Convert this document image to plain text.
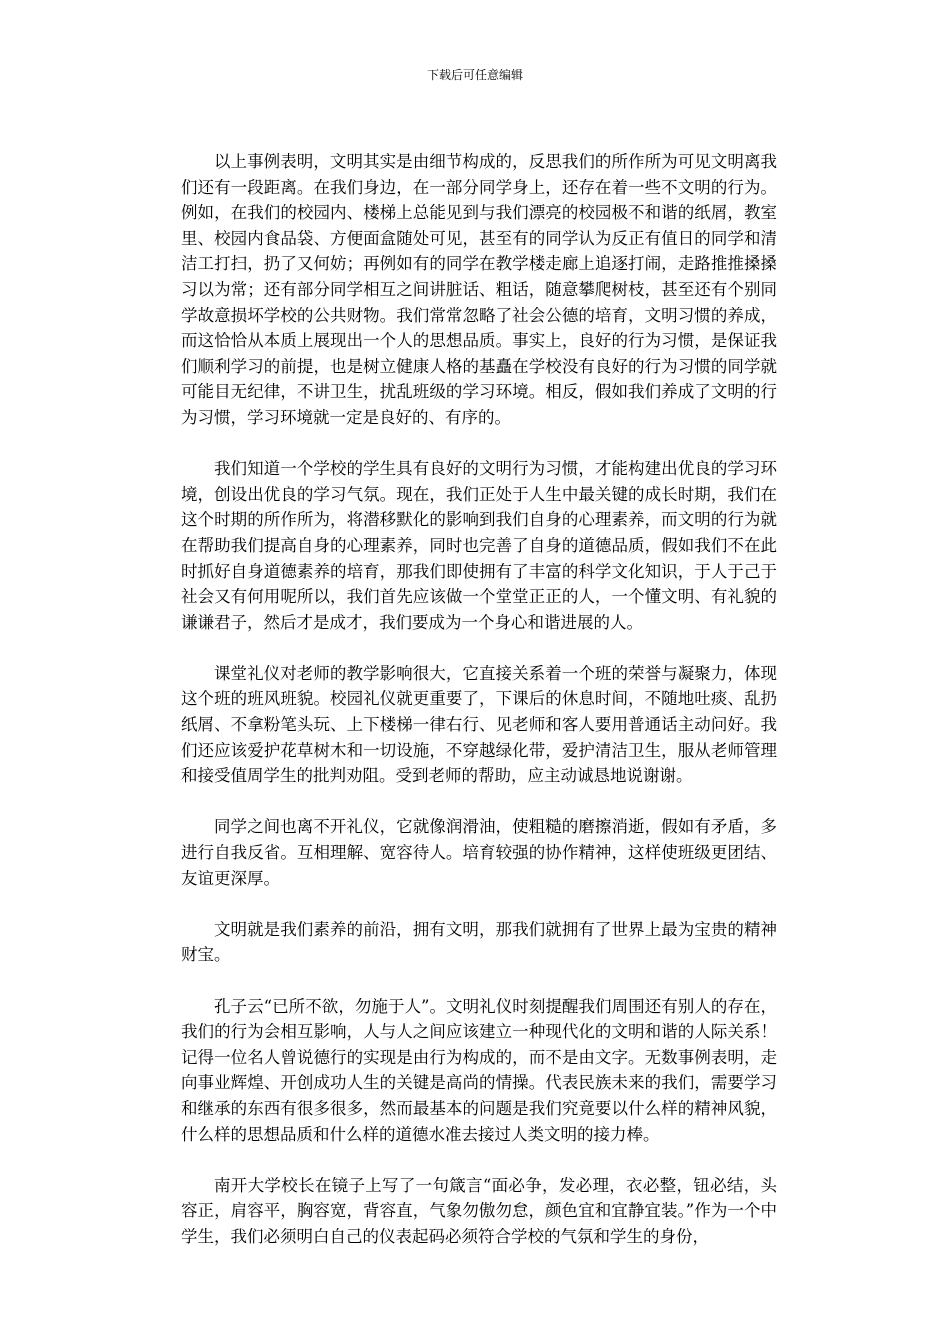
下载后可任意编辑

以上事例表明，文明其实是由细节构成的，反思我们的所作所为可见文明离我们还有一段距离。在我们身边，在一部分同学身上，还存在着一些不文明的行为。例如，在我们的校园内、楼梯上总能见到与我们漂亮的校园极不和谐的纸屑，教室里、校园内食品袋、方便面盒随处可见，甚至有的同学认为反正有值日的同学和清洁工打扫，扔了又何妨；再例如有的同学在教学楼走廊上追逐打闹，走路推推搡搡习以为常；还有部分同学相互之间讲脏话、粗话，随意攀爬树枝，甚至还有个别同学故意损坏学校的公共财物。我们常常忽略了社会公德的培育，文明习惯的养成，而这恰恰从本质上展现出一个人的思想品质。事实上，良好的行为习惯，是保证我们顺利学习的前提，也是树立健康人格的基矗在学校没有良好的行为习惯的同学就可能目无纪律，不讲卫生，扰乱班级的学习环境。相反，假如我们养成了文明的行为习惯，学习环境就一定是良好的、有序的。

我们知道一个学校的学生具有良好的文明行为习惯，才能构建出优良的学习环境，创设出优良的学习气氛。现在，我们正处于人生中最关键的成长时期，我们在这个时期的所作所为，将潜移默化的影响到我们自身的心理素养，而文明的行为就在帮助我们提高自身的心理素养，同时也完善了自身的道德品质，假如我们不在此时抓好自身道德素养的培育，那我们即使拥有了丰富的科学文化知识，于人于己于社会又有何用呢所以，我们首先应该做一个堂堂正正的人，一个懂文明、有礼貌的谦谦君子，然后才是成才，我们要成为一个身心和谐进展的人。

课堂礼仪对老师的教学影响很大，它直接关系着一个班的荣誉与凝聚力，体现这个班的班风班貌。校园礼仪就更重要了，下课后的休息时间，不随地吐痰、乱扔纸屑、不拿粉笔头玩、上下楼梯一律右行、见老师和客人要用普通话主动问好。我们还应该爱护花草树木和一切设施，不穿越绿化带，爱护清洁卫生，服从老师管理和接受值周学生的批判劝阻。受到老师的帮助，应主动诚恳地说谢谢。

同学之间也离不开礼仪，它就像润滑油，使粗糙的磨擦消逝，假如有矛盾，多进行自我反省。互相理解、宽容待人。培育较强的协作精神，这样使班级更团结、友谊更深厚。

文明就是我们素养的前沿，拥有文明，那我们就拥有了世界上最为宝贵的精神财宝。

孔子云“已所不欲，勿施于人”。文明礼仪时刻提醒我们周围还有别人的存在，我们的行为会相互影响，人与人之间应该建立一种现代化的文明和谐的人际关系！记得一位名人曾说德行的实现是由行为构成的，而不是由文字。无数事例表明，走向事业辉煌、开创成功人生的关键是高尚的情操。代表民族未来的我们，需要学习和继承的东西有很多很多，然而最基本的问题是我们究竟要以什么样的精神风貌，什么样的思想品质和什么样的道德水准去接过人类文明的接力棒。

南开大学校长在镜子上写了一句箴言“面必争，发必理，衣必整，钮必结，头容正，肩容平，胸容宽，背容直，气象勿傲勿怠，颜色宜和宜静宜装。”作为一个中学生，我们必须明白自己的仪表起码必须符合学校的气氛和学生的身份，
